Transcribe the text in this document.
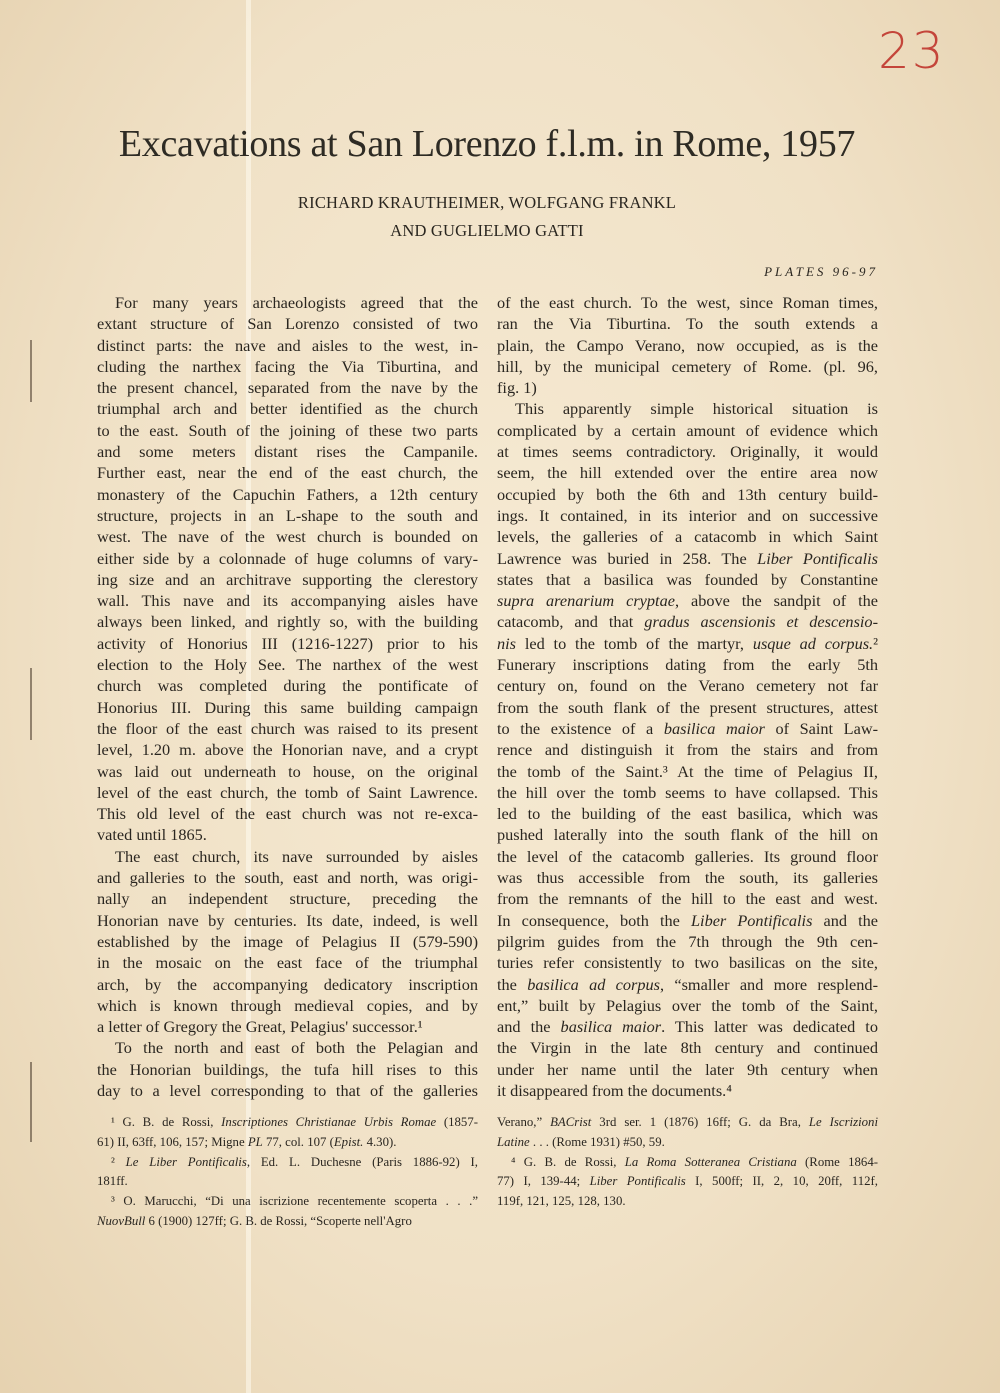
23
Excavations at San Lorenzo f.l.m. in Rome, 1957
RICHARD KRAUTHEIMER, WOLFGANG FRANKL
AND GUGLIELMO GATTI
PLATES 96-97
For many years archaeologists agreed that the
extant structure of San Lorenzo consisted of two
distinct parts: the nave and aisles to the west, in-
cluding the narthex facing the Via Tiburtina, and
the present chancel, separated from the nave by the
triumphal arch and better identified as the church
to the east. South of the joining of these two parts
and some meters distant rises the Campanile.
Further east, near the end of the east church, the
monastery of the Capuchin Fathers, a 12th century
structure, projects in an L-shape to the south and
west. The nave of the west church is bounded on
either side by a colonnade of huge columns of vary-
ing size and an architrave supporting the clerestory
wall. This nave and its accompanying aisles have
always been linked, and rightly so, with the building
activity of Honorius III (1216-1227) prior to his
election to the Holy See. The narthex of the west
church was completed during the pontificate of
Honorius III. During this same building campaign
the floor of the east church was raised to its present
level, 1.20 m. above the Honorian nave, and a crypt
was laid out underneath to house, on the original
level of the east church, the tomb of Saint Lawrence.
This old level of the east church was not re-exca-
vated until 1865.
The east church, its nave surrounded by aisles
and galleries to the south, east and north, was origi-
nally an independent structure, preceding the
Honorian nave by centuries. Its date, indeed, is well
established by the image of Pelagius II (579-590)
in the mosaic on the east face of the triumphal
arch, by the accompanying dedicatory inscription
which is known through medieval copies, and by
a letter of Gregory the Great, Pelagius' successor.¹
To the north and east of both the Pelagian and
the Honorian buildings, the tufa hill rises to this
day to a level corresponding to that of the galleries
of the east church. To the west, since Roman times,
ran the Via Tiburtina. To the south extends a
plain, the Campo Verano, now occupied, as is the
hill, by the municipal cemetery of Rome. (pl. 96,
fig. 1)
This apparently simple historical situation is
complicated by a certain amount of evidence which
at times seems contradictory. Originally, it would
seem, the hill extended over the entire area now
occupied by both the 6th and 13th century build-
ings. It contained, in its interior and on successive
levels, the galleries of a catacomb in which Saint
Lawrence was buried in 258. The Liber Pontificalis
states that a basilica was founded by Constantine
supra arenarium cryptae, above the sandpit of the
catacomb, and that gradus ascensionis et descensio-
nis led to the tomb of the martyr, usque ad corpus.²
Funerary inscriptions dating from the early 5th
century on, found on the Verano cemetery not far
from the south flank of the present structures, attest
to the existence of a basilica maior of Saint Law-
rence and distinguish it from the stairs and from
the tomb of the Saint.³ At the time of Pelagius II,
the hill over the tomb seems to have collapsed. This
led to the building of the east basilica, which was
pushed laterally into the south flank of the hill on
the level of the catacomb galleries. Its ground floor
was thus accessible from the south, its galleries
from the remnants of the hill to the east and west.
In consequence, both the Liber Pontificalis and the
pilgrim guides from the 7th through the 9th cen-
turies refer consistently to two basilicas on the site,
the basilica ad corpus, “smaller and more resplend-
ent,” built by Pelagius over the tomb of the Saint,
and the basilica maior. This latter was dedicated to
the Virgin in the late 8th century and continued
under her name until the later 9th century when
it disappeared from the documents.⁴
¹ G. B. de Rossi, Inscriptiones Christianae Urbis Romae (1857-
61) II, 63ff, 106, 157; Migne PL 77, col. 107 (Epist. 4.30).
² Le Liber Pontificalis, Ed. L. Duchesne (Paris 1886-92) I,
181ff.
³ O. Marucchi, “Di una iscrizione recentemente scoperta . . .”
NuovBull 6 (1900) 127ff; G. B. de Rossi, “Scoperte nell'Agro
Verano,” BACrist 3rd ser. 1 (1876) 16ff; G. da Bra, Le Iscrizioni
Latine . . . (Rome 1931) #50, 59.
⁴ G. B. de Rossi, La Roma Sotteranea Cristiana (Rome 1864-
77) I, 139-44; Liber Pontificalis I, 500ff; II, 2, 10, 20ff, 112f,
119f, 121, 125, 128, 130.
